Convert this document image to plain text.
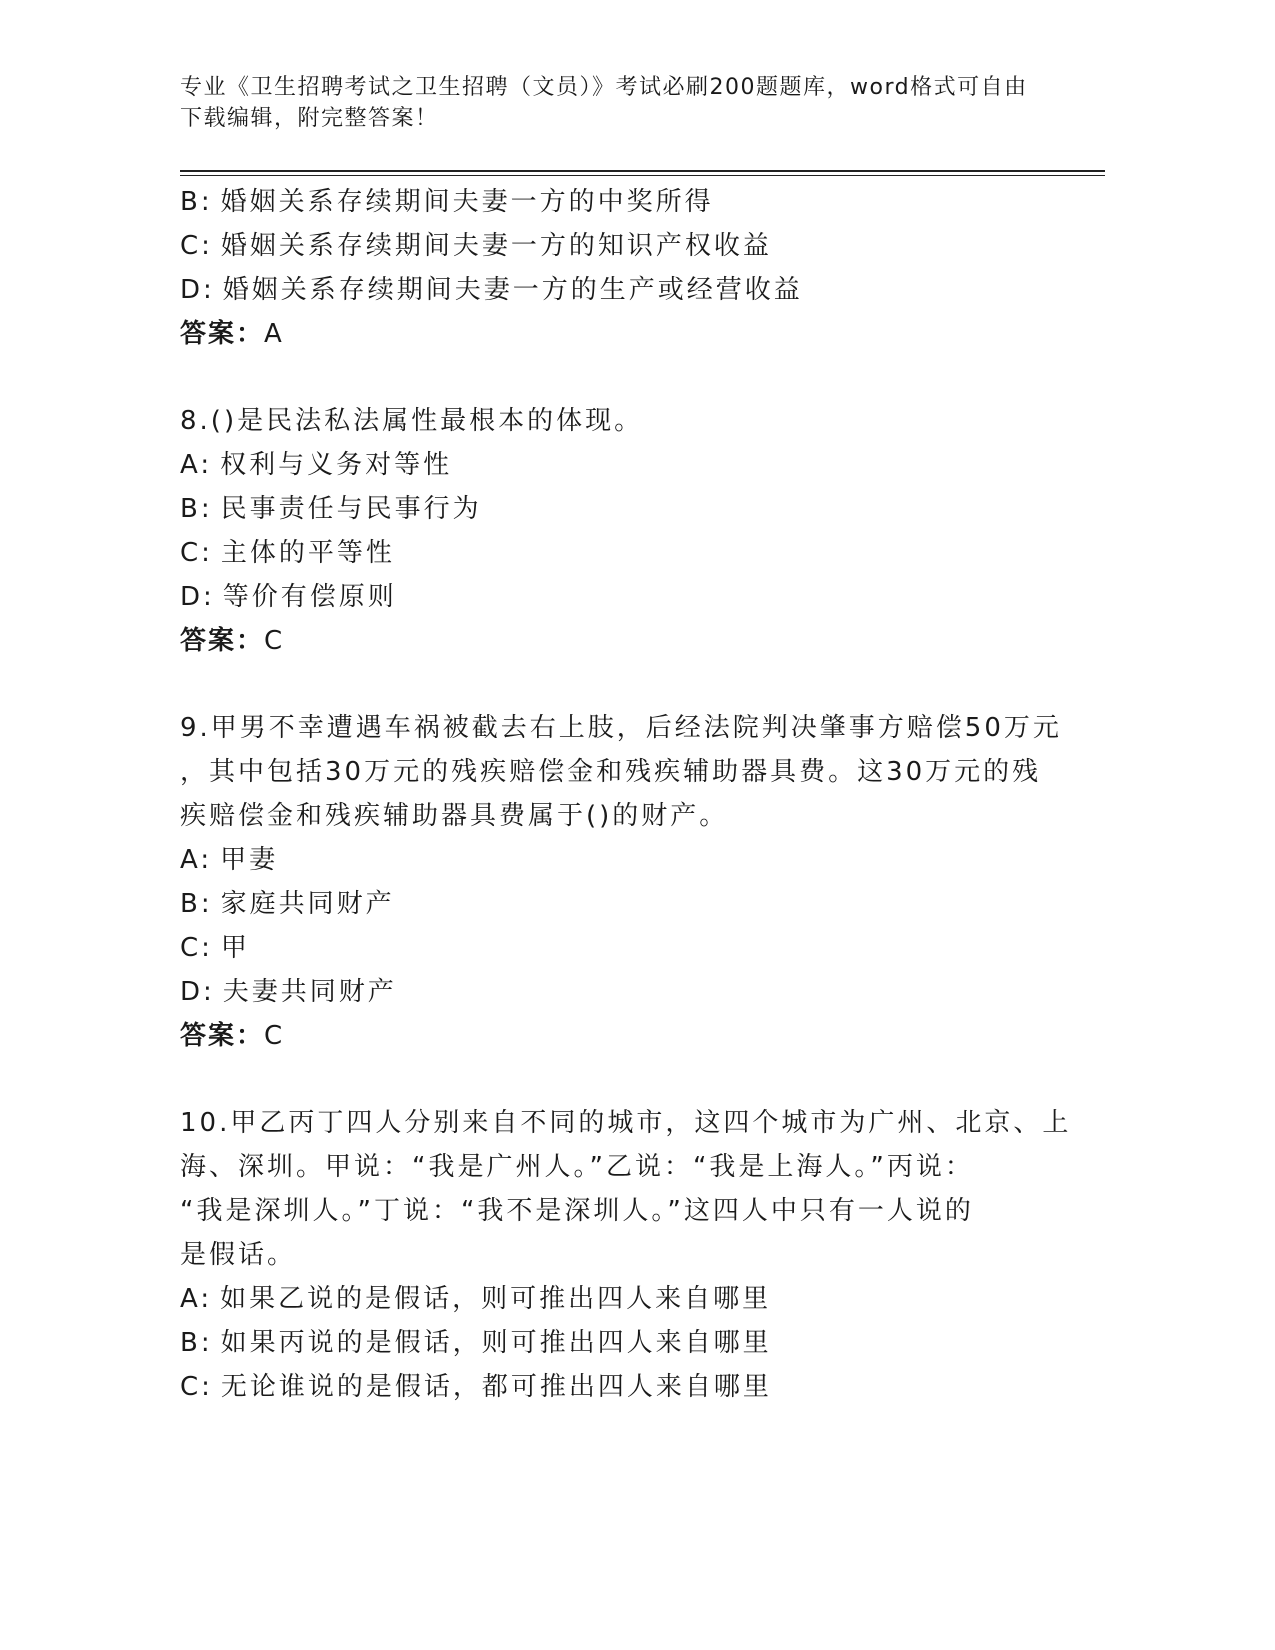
专业《卫生招聘考试之卫生招聘（文员）》考试必刷200题题库，word格式可自由下载编辑，附完整答案！
B: 婚姻关系存续期间夫妻一方的中奖所得
C: 婚姻关系存续期间夫妻一方的知识产权收益
D: 婚姻关系存续期间夫妻一方的生产或经营收益
答案：A
8.()是民法私法属性最根本的体现。
A: 权利与义务对等性
B: 民事责任与民事行为
C: 主体的平等性
D: 等价有偿原则
答案：C
9.甲男不幸遭遇车祸被截去右上肢，后经法院判决肇事方赔偿50万元
，其中包括30万元的残疾赔偿金和残疾辅助器具费。这30万元的残
疾赔偿金和残疾辅助器具费属于()的财产。
A: 甲妻
B: 家庭共同财产
C: 甲
D: 夫妻共同财产
答案：C
10.甲乙丙丁四人分别来自不同的城市，这四个城市为广州、北京、上
海、深圳。甲说：“我是广州人。”乙说：“我是上海人。”丙说：
“我是深圳人。”丁说：“我不是深圳人。”这四人中只有一人说的
是假话。
A: 如果乙说的是假话，则可推出四人来自哪里
B: 如果丙说的是假话，则可推出四人来自哪里
C: 无论谁说的是假话，都可推出四人来自哪里
